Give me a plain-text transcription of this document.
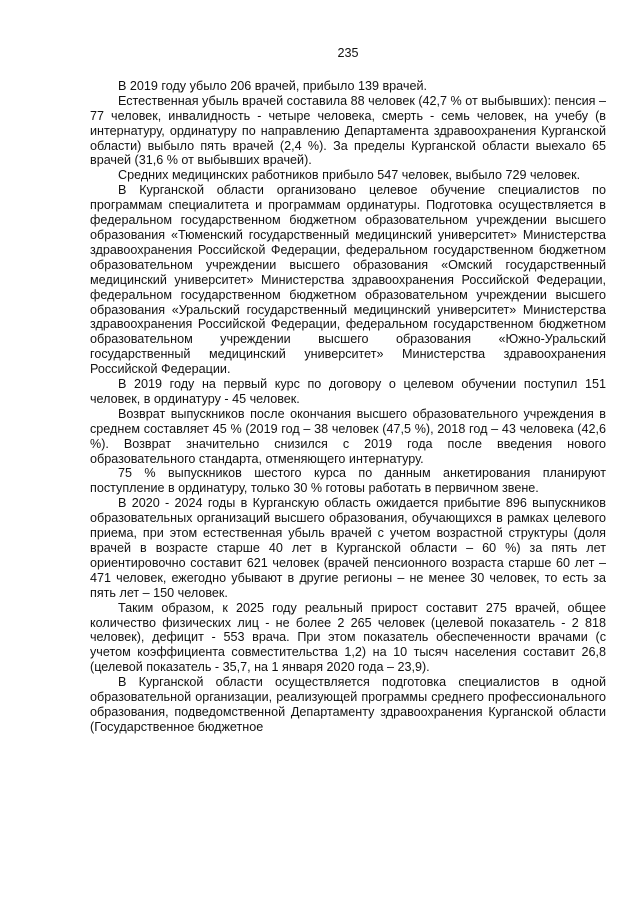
235

В 2019 году убыло 206 врачей, прибыло 139 врачей.

Естественная убыль врачей составила 88 человек (42,7 % от выбывших): пенсия – 77 человек, инвалидность - четыре человека, смерть - семь человек, на учебу (в интернатуру, ординатуру по направлению Департамента здравоохранения Курганской области) выбыло пять врачей (2,4 %). За пределы Курганской области выехало 65 врачей (31,6 % от выбывших врачей).

Средних медицинских работников прибыло 547 человек, выбыло 729 человек.

В Курганской области организовано целевое обучение специалистов по программам специалитета и программам ординатуры. Подготовка осуществляется в федеральном государственном бюджетном образовательном учреждении высшего образования «Тюменский государственный медицинский университет» Министерства здравоохранения Российской Федерации, федеральном государственном бюджетном образовательном учреждении высшего образования «Омский государственный медицинский университет» Министерства здравоохранения Российской Федерации, федеральном государственном бюджетном образовательном учреждении высшего образования «Уральский государственный медицинский университет» Министерства здравоохранения Российской Федерации, федеральном государственном бюджетном образовательном учреждении высшего образования «Южно-Уральский государственный медицинский университет» Министерства здравоохранения Российской Федерации.

В 2019 году на первый курс по договору о целевом обучении поступил 151 человек, в ординатуру - 45 человек.

Возврат выпускников после окончания высшего образовательного учреждения в среднем составляет 45 % (2019 год – 38 человек (47,5 %), 2018 год – 43 человека (42,6 %). Возврат значительно снизился с 2019 года после введения нового образовательного стандарта, отменяющего интернатуру.

75 % выпускников шестого курса по данным анкетирования планируют поступление в ординатуру, только 30 % готовы работать в первичном звене.

В 2020 - 2024 годы в Курганскую область ожидается прибытие 896 выпускников образовательных организаций высшего образования, обучающихся в рамках целевого приема, при этом естественная убыль врачей с учетом возрастной структуры (доля врачей в возрасте старше 40 лет в Курганской области – 60 %) за пять лет ориентировочно составит 621 человек (врачей пенсионного возраста старше 60 лет – 471 человек, ежегодно убывают в другие регионы – не менее 30 человек, то есть за пять лет – 150 человек.

Таким образом, к 2025 году реальный прирост составит 275 врачей, общее количество физических лиц - не более 2 265 человек (целевой показатель - 2 818 человек), дефицит - 553 врача. При этом показатель обеспеченности врачами (с учетом коэффициента совместительства 1,2) на 10 тысяч населения составит 26,8 (целевой показатель - 35,7, на 1 января 2020 года – 23,9).

В Курганской области осуществляется подготовка специалистов в одной образовательной организации, реализующей программы среднего профессионального образования, подведомственной Департаменту здравоохранения Курганской области (Государственное бюджетное
